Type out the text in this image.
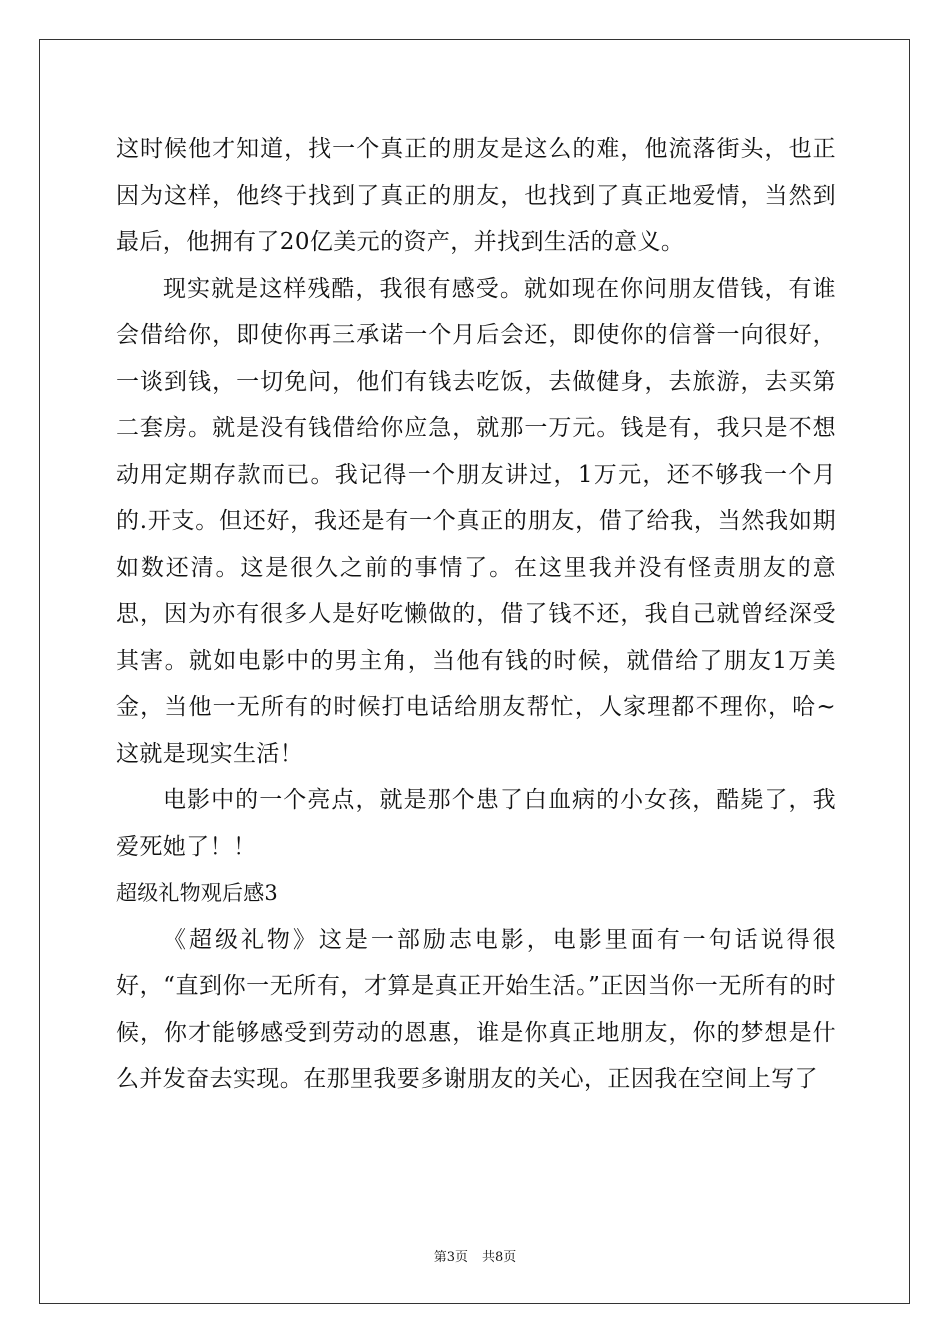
这时候他才知道，找一个真正的朋友是这么的难，他流落街头，也正因为这样，他终于找到了真正的朋友，也找到了真正地爱情，当然到最后，他拥有了20亿美元的资产，并找到生活的意义。

现实就是这样残酷，我很有感受。就如现在你问朋友借钱，有谁会借给你，即使你再三承诺一个月后会还，即使你的信誉一向很好，一谈到钱，一切免问，他们有钱去吃饭，去做健身，去旅游，去买第二套房。就是没有钱借给你应急，就那一万元。钱是有，我只是不想动用定期存款而已。我记得一个朋友讲过，1万元，还不够我一个月的.开支。但还好，我还是有一个真正的朋友，借了给我，当然我如期如数还清。这是很久之前的事情了。在这里我并没有怪责朋友的意思，因为亦有很多人是好吃懒做的，借了钱不还，我自己就曾经深受其害。就如电影中的男主角，当他有钱的时候，就借给了朋友1万美金，当他一无所有的时候打电话给朋友帮忙，人家理都不理你，哈~这就是现实生活！

电影中的一个亮点，就是那个患了白血病的小女孩，酷毙了，我爱死她了！！

超级礼物观后感3

《超级礼物》这是一部励志电影，电影里面有一句话说得很好，“直到你一无所有，才算是真正开始生活。”正因当你一无所有的时候，你才能够感受到劳动的恩惠，谁是你真正地朋友，你的梦想是什么并发奋去实现。在那里我要多谢朋友的关心，正因我在空间上写了

第3页 共8页
